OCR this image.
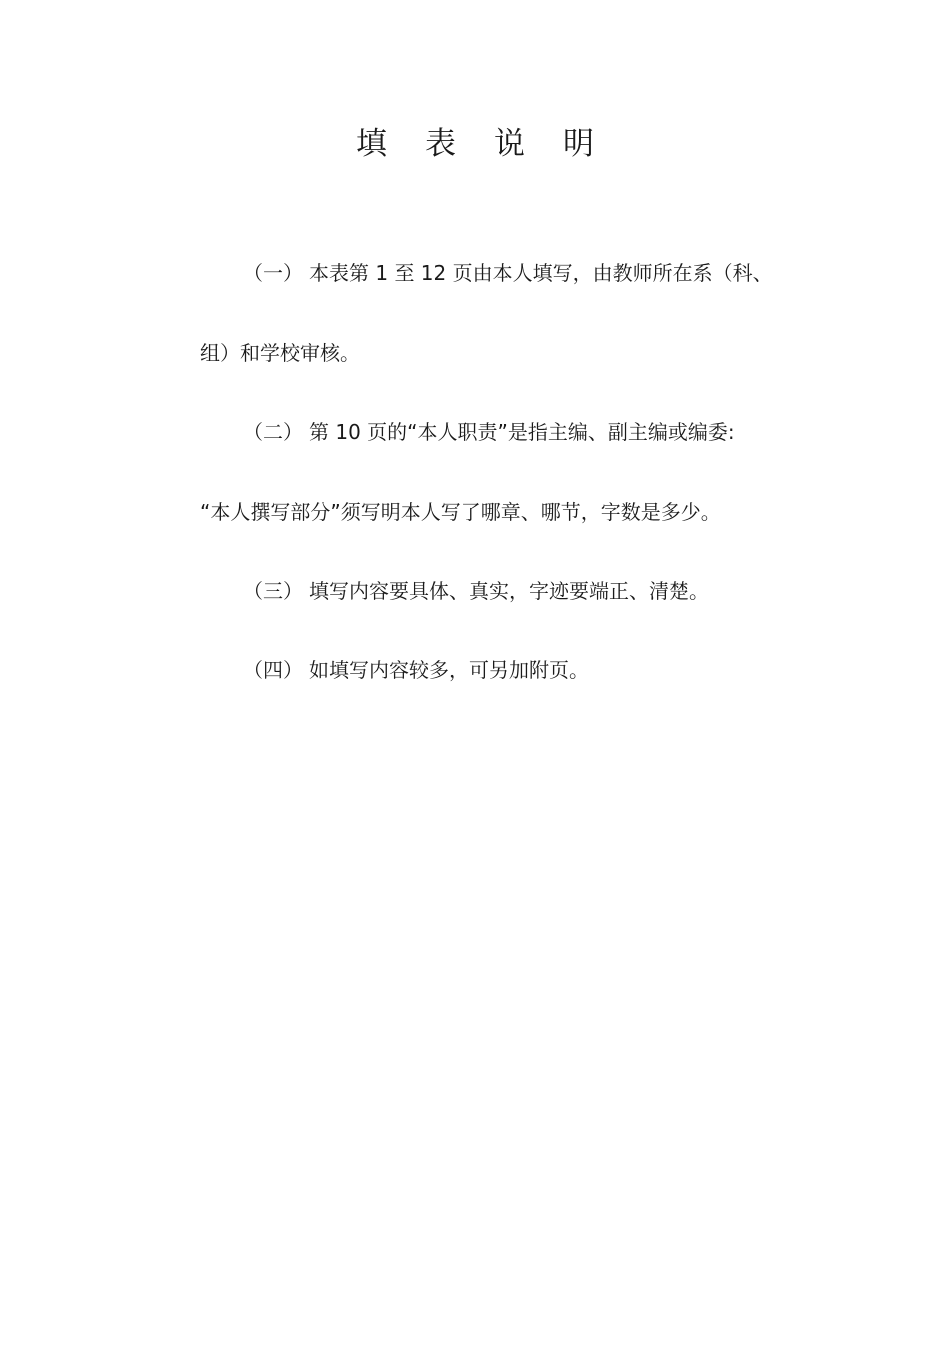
填 表 说 明
（一） 本表第 1 至 12 页由本人填写，由教师所在系（科、
组）和学校审核。
（二） 第 10 页的“本人职责”是指主编、副主编或编委:
“本人撰写部分”须写明本人写了哪章、哪节，字数是多少。
（三） 填写内容要具体、真实，字迹要端正、清楚。
（四） 如填写内容较多，可另加附页。
